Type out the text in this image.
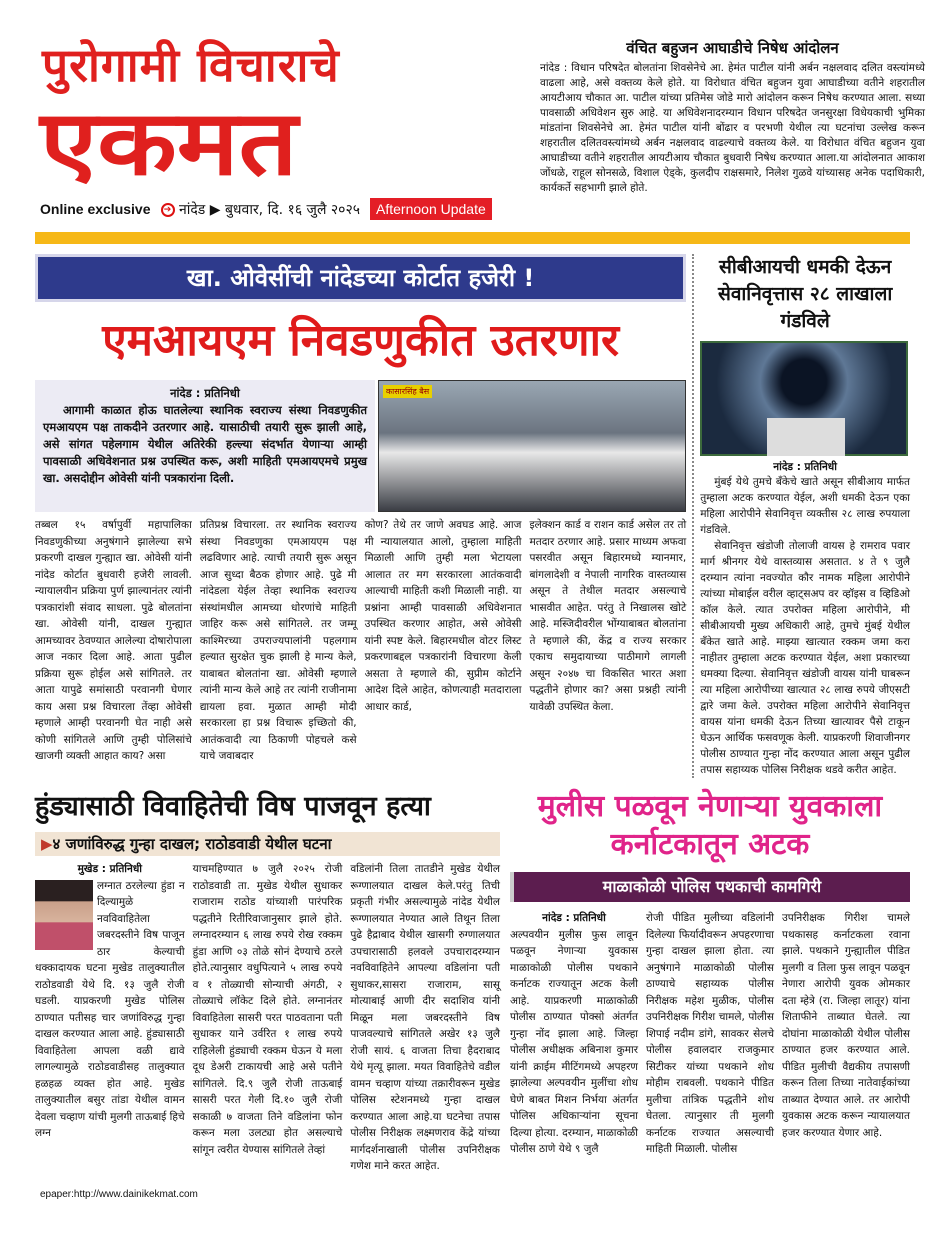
पुरोगामी विचाराचे
एकमत
Online exclusive	➔ नांदेड ▶ बुधवार, दि. १६ जुलै २०२५	Afternoon Update
वंचित बहुजन आघाडीचे निषेध आंदोलन

नांदेड : विधान परिषदेत बोलतांना शिवसेनेचे आ. हेमंत पाटील यांनी अर्बन नक्षलवाद दलित वस्त्यांमध्ये वाढला आहे, असे वक्तव्य केले होते. या विरोधात वंचित बहुजन युवा आघाडीच्या वतीने शहरातील आयटीआय चौकात आ. पाटील यांच्या प्रतिमेस जोडे मारो आंदोलन करून निषेध करण्यात आला. सध्या पावसाळी अधिवेशन सुरु आहे. या अधिवेशनादरम्यान विधान परिषदेत जनसुरक्षा विधेयकाची भुमिका मांडतांना शिवसेनेचे आ. हेमंत पाटील यांनी बोंढार व परभणी येथील त्या घटनांचा उल्लेख करून शहरातील दलितवस्त्यांमध्ये अर्बन नक्षलवाद वाढल्याचे वक्तव्य केले. या विरोधात वंचित बहुजन युवा आघाडीच्या वतीने शहरातील आयटीआय चौकात बुधवारी निषेध करण्यात आला.या आंदोलनात आकाश जोंधळे, राहूल सोनसळे, विशाल ऐड्के, कुलदीप राक्षसमारे, निलेश गुळवे यांच्यासह अनेक पदाधिकारी, कार्यकर्ते सहभागी झाले होते.

खा. ओवेसींची नांदेडच्या कोर्टात हजेरी !
एमआयएम निवडणुकीत उतरणार
नांदेड : प्रतिनिधी
आगामी काळात होऊ घातलेल्या स्थानिक स्वराज्य संस्था निवडणुकीत एमआयएम पक्ष ताकदीने उतरणार आहे. यासाठीची तयारी सुरू झाली आहे, असे सांगत पहेलगाम येथील अतिरेकी हल्ल्या संदर्भात येणाऱ्या आम्ही पावसाळी अधिवेशनात प्रश्न उपस्थित करू, अशी माहिती एमआयएमचे प्रमुख खा. असदोद्दीन ओवेसी यांनी पत्रकारांना दिली.
कासारसिंह बैस
तब्बल १५ वर्षापुर्वी महापालिका निवडणुकीच्या अनुषंगाने झालेल्या सभे प्रकरणी दाखल गुन्ह्यात खा. ओवेसी यांनी नांदेड कोर्टात बुधवारी हजेरी लावली. न्यायालयीन प्रक्रिया पुर्ण झाल्यानंतर त्यांनी पत्रकारांशी संवाद साधला. पुढे बोलतांना खा. ओवेसी यांनी, दाखल गुन्ह्यात आमच्यावर ठेवण्यात आलेल्या दोषारोपाला आज नकार दिला आहे. आता पुढील प्रक्रिया सुरू होईल असे सांगितले. तर आता यापुढे समांसाठी परवानगी घेणार काय असा प्रश्न विचारला तेंव्हा ओवेसी म्हणाले आम्ही परवानगी घेत नाही असे कोणी सांगितले आणि तुम्ही पोलिसांचे खाजगी व्यक्ती आहात काय? असा
प्रतिप्रश्न विचारला. तर स्थानिक स्वराज्य संस्था निवडणुका एमआयएम पक्ष लढविणार आहे. त्याची तयारी सुरू असून आज सुध्दा बैठक होणार आहे. पुढे मी नांदेडला येईल तेव्हा स्थानिक स्वराज्य संस्थांमधील आमच्या धोरणांचे माहिती जाहिर करू असे सांगितले. तर जम्मू काश्मिरच्या उपराज्यपालांनी पहलगाम हल्यात सुरक्षेत चुक झाली हे मान्य केले, याबाबत बोलतांना खा. ओवेसी म्हणाले त्यांनी मान्य केले आहे तर त्यांनी राजीनामा द्यायला हवा. मुळात आम्ही मोदी सरकारला हा प्रश्न विचारू इच्छितो की, आतंकवादी त्या ठिकाणी पोहचले कसे याचे जवाबदार
कोण? तेथे तर जाणे अवघड आहे. आज मी न्यायालयात आलो, तुम्हाला माहिती मिळाली आणि तुम्ही मला भेटायला आलात तर मग सरकारला आतंकवादी आल्याची माहिती कशी मिळाली नाही. या प्रश्नांना आम्ही पावसाळी अधिवेशनात उपस्थित करणार आहोत, असे ओवेसी यांनी स्पष्ट केले. बिहारमधील वोटर लिस्ट प्रकरणाबद्दल पत्रकारांनी विचारणा केली असता ते म्हणाले की, सुप्रीम कोर्टाने आदेश दिले आहेत, कोणत्याही मतदाराला आधार कार्ड,
इलेक्शन कार्ड व राशन कार्ड असेल तर तो मतदार ठरणार आहे. प्रसार माध्यम अफवा पसरवीत असून बिहारमध्ये म्यानमार, बांगलादेशी व नेपाली नागरिक वास्तव्यास असून ते तेथील मतदार असल्याचे भासवीत आहेत. परंतु ते निखालस खोटे आहे. मस्जिदीवरील भोंग्याबाबत बोलतांना ते म्हणाले की, केंद्र व राज्य सरकार एकाच समुदायाच्या पाठीमागे लागली असून २०४७ चा विकसित भारत अशा पद्धतीने होणार का? असा प्रश्नही त्यांनी यावेळी उपस्थित केला.
सीबीआयची धमकी देऊन सेवानिवृत्तास २८ लाखाला गंडविले
नांदेड : प्रतिनिधी

मुंबई येथे तुमचे बँकेचे खाते असून सीबीआय मार्फत तुम्हाला अटक करण्यात येईल, अशी धमकी देऊन एका महिला आरोपीने सेवानिवृत्त व्यक्तीस २८ लाख रुपयाला गंडविले.

सेवानिवृत्त खंडोजी तोलाजी वायस हे रामराव पवार मार्ग श्रीनगर येथे वास्तव्यास असतात. ४ ते ९ जुलै दरम्यान त्यांना नवज्योत कौर नामक महिला आरोपीने त्यांच्या मोबाईल वरील व्हाट्सअप वर व्हॉइस व व्हिडिओ कॉल केले. त्यात उपरोक्त महिला आरोपीने, मी सीबीआयची मुख्य अधिकारी आहे, तुमचे मुंबई येथील बँकेत खाते आहे. माझ्या खात्यात रक्कम जमा करा नाहीतर तुम्हाला अटक करण्यात येईल, अशा प्रकारच्या धमक्या दिल्या. सेवानिवृत्त खंडोजी वायस यांनी घाबरून त्या महिला आरोपीच्या खात्यात २८ लाख रुपये जीएसटी द्वारे जमा केले. उपरोक्त महिला आरोपीने सेवानिवृत्त वायस यांना धमकी देऊन तिच्या खात्यावर पैसे टाकून घेऊन आर्थिक फसवणूक केली. याप्रकरणी शिवाजीनगर पोलीस ठाण्यात गुन्हा नोंद करण्यात आला असून पुढील तपास सहाय्यक पोलिस निरीक्षक थडवे करीत आहेत.

हुंड्यासाठी विवाहितेची विष पाजवून हत्या
▶४ जणांविरुद्ध गुन्हा दाखल; राठोडवाडी येथील घटना
मुखेड : प्रतिनिधी
लग्नात ठरलेल्या हुंडा न दिल्यामुळे नवविवाहितेला जबरदस्तीने विष पाजून ठार केल्याची धक्कादायक घटना मुखेड तालुक्यातील राठोडवाडी येथे दि. १३ जुलै रोजी घडली. याप्रकरणी मुखेड पोलिस ठाण्यात पतीसह चार जणांविरुद्ध गुन्हा दाखल करण्यात आला आहे. हुंड्यासाठी विवाहितेला आपला वळी द्यावे लागल्यामुळे राठोडवाडीसह तालुक्यात हळहळ व्यक्त होत आहे. मुखेड तालुक्यातील बसुर तांडा येथील वामन देवला चव्हाण यांची मुलगी ताऊबाई हिचे लग्न
याचमहिण्यात ७ जुलै २०२५ रोजी राठोडवाडी ता. मुखेड येथील सुधाकर राजाराम राठोड यांच्याशी पारंपरिक पद्धतीने रितीरिवाजानुसार झाले होते. लग्नादरम्यान ६ लाख रुपये रोख रक्कम हुंडा आणि ०३ तोळे सोनं देण्याचे ठरले होते.त्यानुसार वधुपित्याने ५ लाख रुपये व १ तोळ्याची सोन्याची अंगठी, २ तोळ्याचे लॉकेट दिले होते. लग्नानंतर विवाहितेला सासरी परत पाठवताना पती सुधाकर याने उर्वरित १ लाख रुपये राहिलेली हुंड्याची रक्कम घेऊन ये मला दूध डेअरी टाकायची आहे असे पतीने सांगितले. दि.९ जुलै रोजी ताऊबाई सासरी परत गेली दि.१० जुलै रोजी सकाळी ७ वाजता तिने वडिलांना फोन करून मला उलट्या होत असल्याचे सांगून त्वरीत येण्यास सांगितले तेव्हां
वडिलांनी तिला तातडीने मुखेड येथील रूग्णालयात दाखल केले.परंतु तिची प्रकृती गंभीर असल्यामुळे नांदेड येथील रूग्णालयात नेण्यात आले तिथून तिला पुढे हैद्राबाद येथील खासगी रुग्णालयात उपचारासाठी हलवले उपचारादरम्यान नवविवाहितेने आपल्या वडिलांना पती सुधाकर,सासरा राजाराम, सासू मोत्याबाई आणी दीर सदाशिव यांनी मिळून मला जबरदस्तीने विष पाजवल्याचे सांगितले अखेर १३ जुलै रोजी सायं. ६ वाजता तिचा हैदराबाद येथे मृत्यू झाला. मयत विवाहितेचे वडील वामन चव्हाण यांच्या तक्रारीवरून मुखेड पोलिस स्टेशनमध्ये गुन्हा दाखल करण्यात आला आहे.या घटनेचा तपास पोलीस निरीक्षक लक्ष्मणराव केंद्रे यांच्या मार्गदर्शनाखाली पोलीस उपनिरीक्षक गणेश माने करत आहेत.
मुलीस पळवून नेणाऱ्या युवकाला कर्नाटकातून अटक
माळाकोळी पोलिस पथकाची कामगिरी
नांदेड : प्रतिनिधी
अल्पवयीन मुलीस फुस लावून पळवून नेणाऱ्या युवकास माळाकोळी पोलीस पथकाने कर्नाटक राज्यातून अटक केली आहे. याप्रकरणी माळाकोळी पोलीस ठाण्यात पोक्सो अंतर्गत गुन्हा नोंद झाला आहे. जिल्हा पोलीस अधीक्षक अबिनाश कुमार यांनी क्राईम मीटिंगमध्ये अपहरण झालेल्या अल्पवयीन मुलींचा शोध घेणे बाबत मिशन निर्भया अंतर्गत पोलिस अधिकाऱ्यांना सूचना दिल्या होत्या. दरम्यान, माळाकोळी पोलीस ठाणे येथे ९ जुलै
रोजी पीडित मुलीच्या वडिलांनी दिलेल्या फिर्यादीवरून अपहरणाचा गुन्हा दाखल झाला होता. त्या अनुषंगाने माळाकोळी पोलीस ठाण्याचे सहाय्यक पोलीस निरीक्षक महेश मुळीक, पोलीस उपनिरीक्षक गिरीश चामले, पोलीस शिपाई नदीम डांगे, सावकर सेलचे पोलीस हवालदार राजकुमार सिटीकर यांच्या पथकाने शोध मोहीम राबवली. पथकाने पीडित मुलीचा तांत्रिक पद्धतीने शोध घेतला. त्यानुसार ती मुलगी कर्नाटक राज्यात असल्याची माहिती मिळाली. पोलीस
उपनिरीक्षक गिरीश चामले पथकासह कर्नाटकला रवाना झाले. पथकाने गुन्ह्यातील पीडित मुलगी व तिला फुस लावून पळवून नेणारा आरोपी युवक ओमकार दता म्हेत्रे (रा. जिल्हा लातूर) यांना शिताफीने ताब्यात घेतले. त्या दोघांना माळाकोळी येथील पोलीस ठाण्यात हजर करण्यात आले. पीडित मुलीची वैद्यकीय तपासणी करून तिला तिच्या नातेवाईकांच्या ताब्यात देण्यात आले. तर आरोपी युवकास अटक करून न्यायालयात हजर करण्यात येणार आहे.
epaper:http://www.dainikekmat.com
